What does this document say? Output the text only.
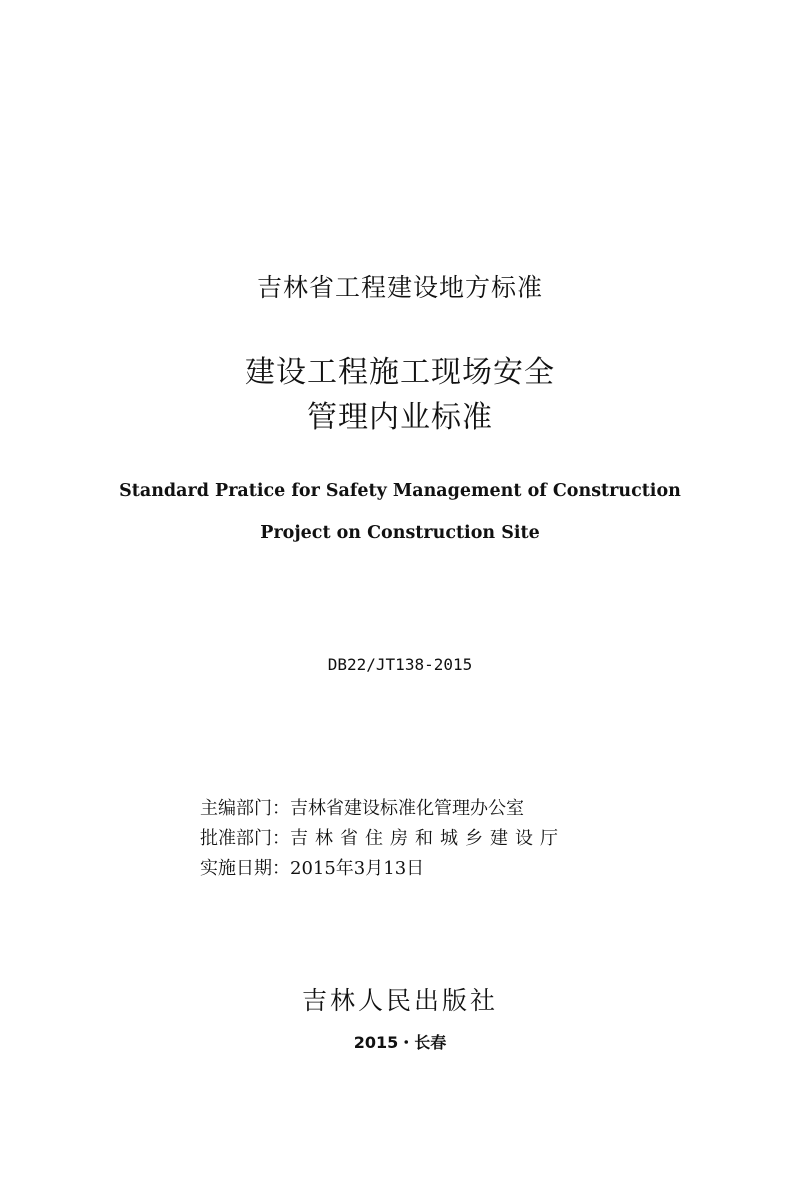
吉林省工程建设地方标准
建设工程施工现场安全
管理内业标准
Standard Pratice for Safety Management of Construction
Project on Construction Site
DB22/JT138-2015
主编部门：吉林省建设标准化管理办公室
批准部门：吉林省住房和城乡建设厅
实施日期：2015年3月13日
吉林人民出版社
2015・长春
